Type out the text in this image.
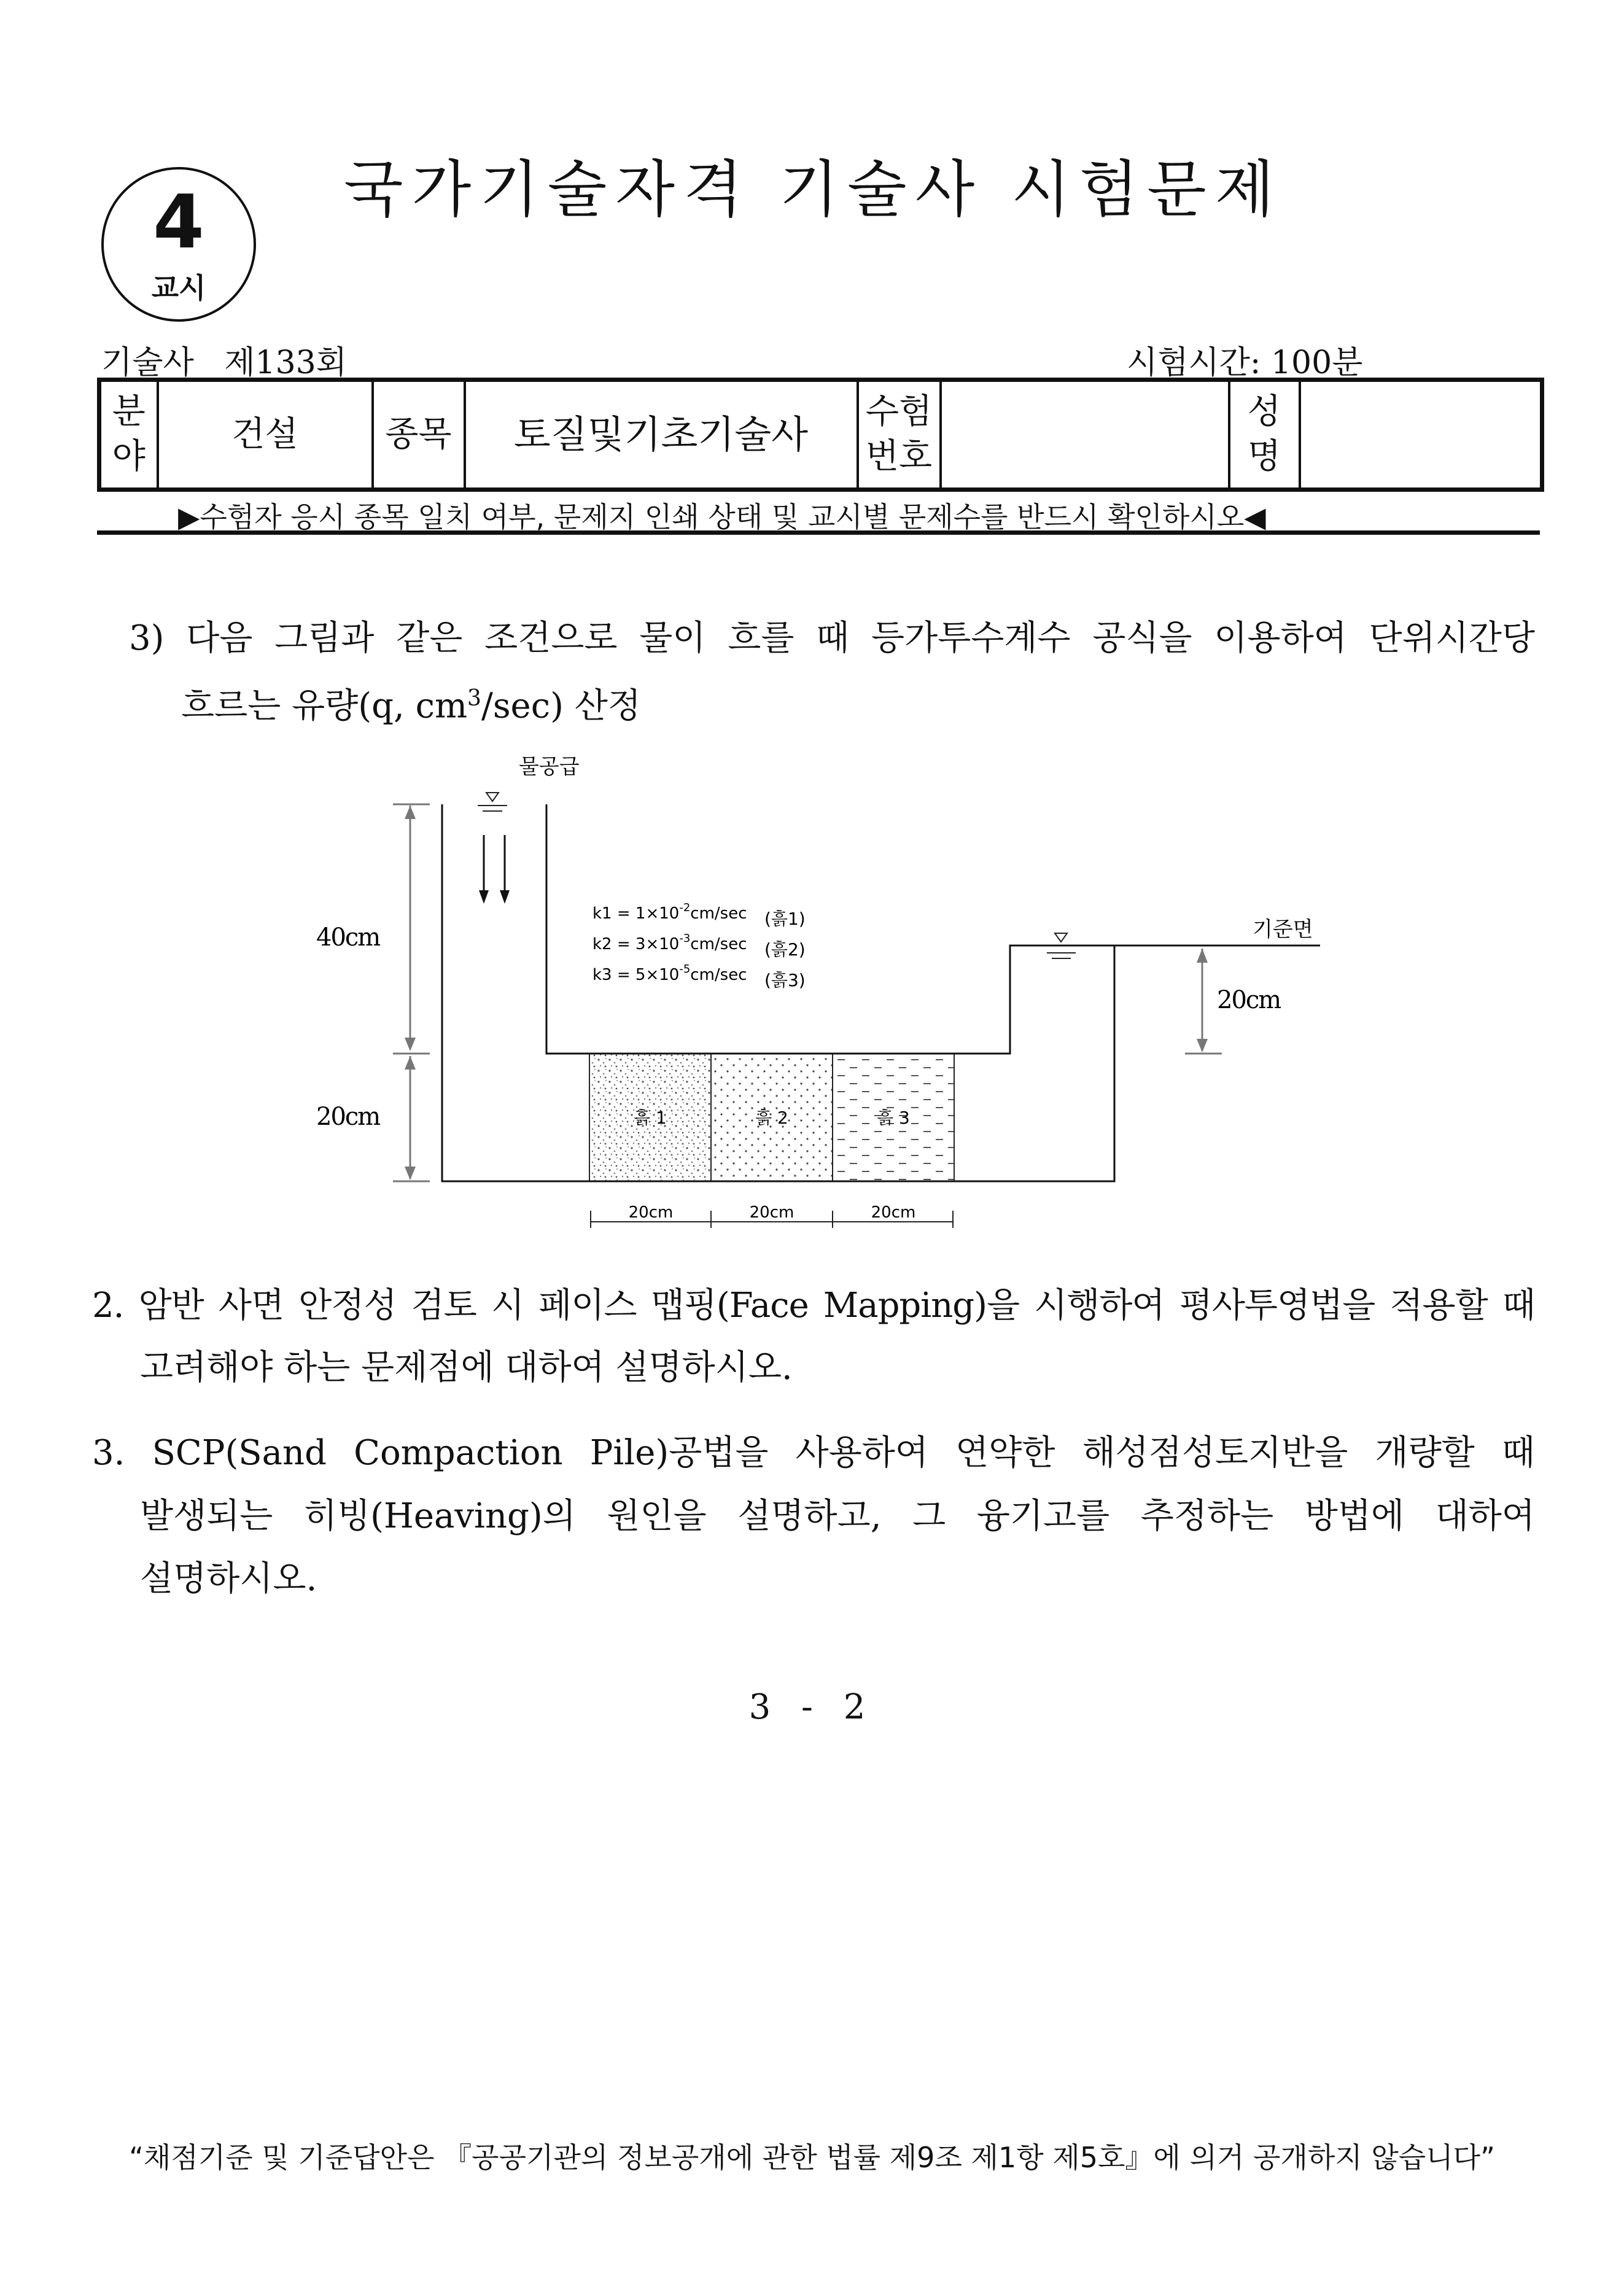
4
교시
국가기술자격 기술사 시험문제
기술사   제133회	시험시간: 100분
분야	건설	종목	토질및기초기술사	수험번호		성명	
▶수험자 응시 종목 일치 여부, 문제지 인쇄 상태 및 교시별 문제수를 반드시 확인하시오◀
3) 다음 그림과 같은 조건으로 물이 흐를 때 등가투수계수 공식을 이용하여 단위시간당
흐르는 유량(q, $cm^3/\sec$) 산정
물공급
기준면
20cm
40cm
20cm
$k1 = 1\times 10^{-2}cm/\sec$ (흙1)
$k2 = 3\times 10^{-3}cm/\sec$ (흙2)
$k3 = 5\times 10^{-5}cm/\sec$ (흙3)
흙 1	흙 2	흙 3
20cm	20cm	20cm
2. 암반 사면 안정성 검토 시 페이스 맵핑(Face Mapping)을 시행하여 평사투영법을 적용할 때
고려해야 하는 문제점에 대하여 설명하시오.
3. SCP(Sand Compaction Pile)공법을 사용하여 연약한 해성점성토지반을 개량할 때
발생되는 히빙(Heaving)의 원인을 설명하고, 그 융기고를 추정하는 방법에 대하여
설명하시오.
3 - 2
“채점기준 및 기준답안은 『공공기관의 정보공개에 관한 법률 제9조 제1항 제5호』에 의거 공개하지 않습니다”
